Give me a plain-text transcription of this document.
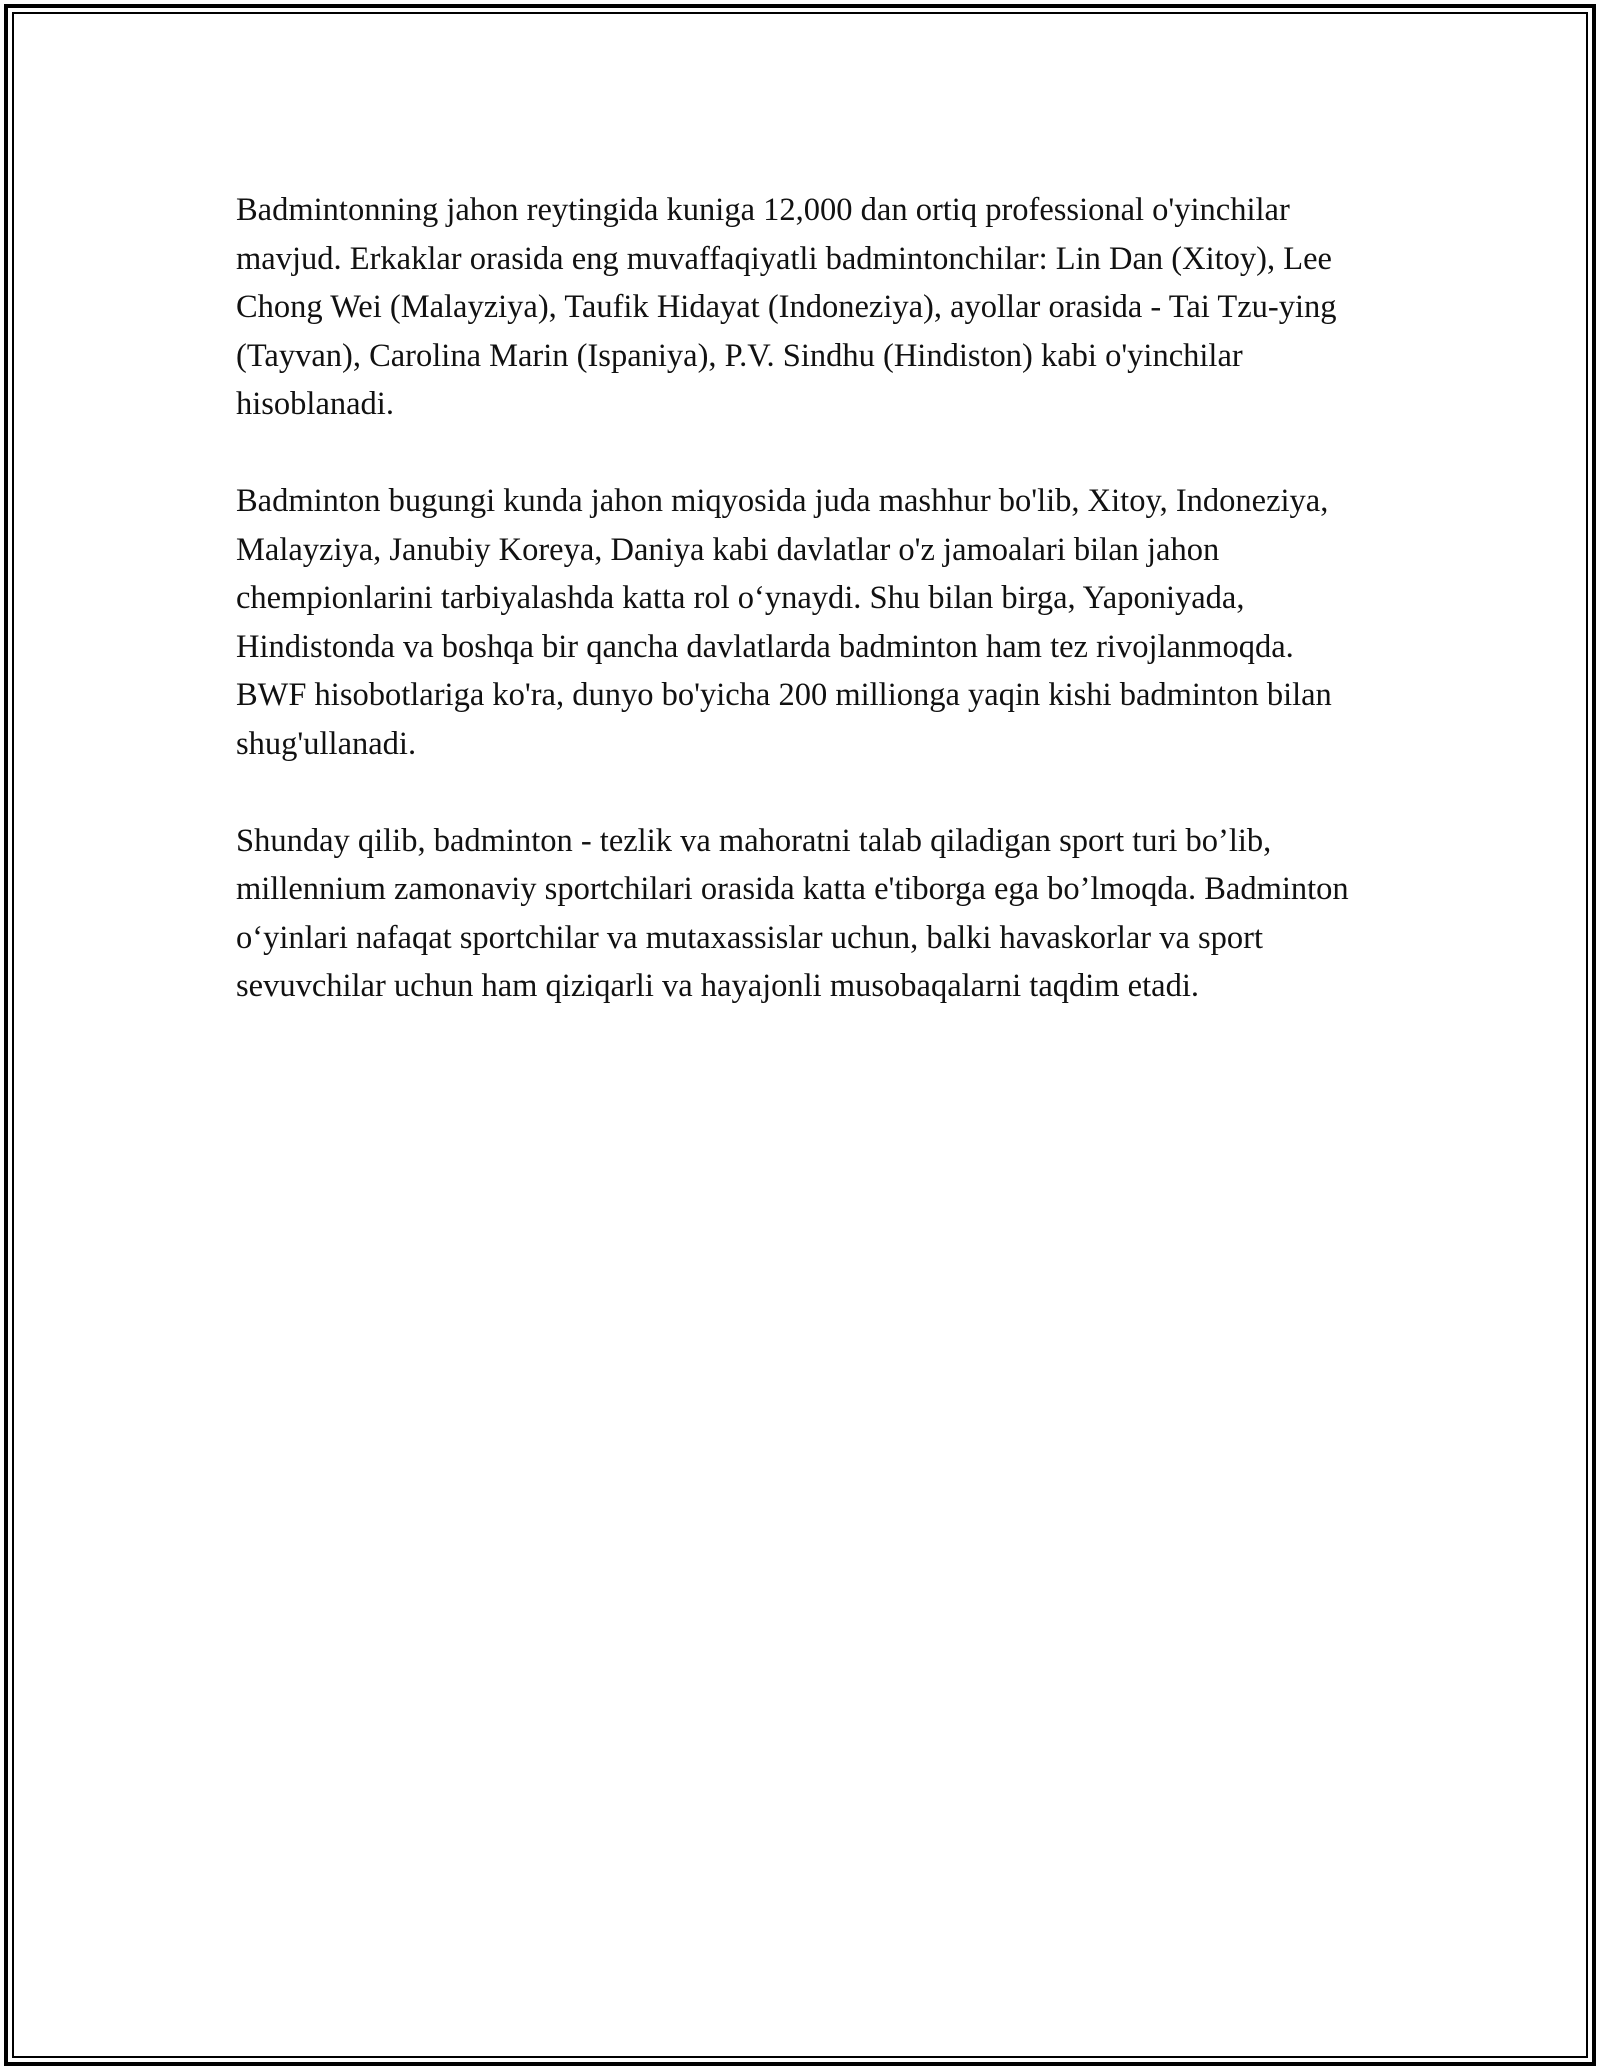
Badmintonning jahon reytingida kuniga 12,000 dan ortiq professional o'yinchilar mavjud. Erkaklar orasida eng muvaffaqiyatli badmintonchilar: Lin Dan (Xitoy), Lee Chong Wei (Malayziya), Taufik Hidayat (Indoneziya), ayollar orasida - Tai Tzu-ying (Tayvan), Carolina Marin (Ispaniya), P.V. Sindhu (Hindiston) kabi o'yinchilar hisoblanadi.

Badminton bugungi kunda jahon miqyosida juda mashhur bo'lib, Xitoy, Indoneziya, Malayziya, Janubiy Koreya, Daniya kabi davlatlar o'z jamoalari bilan jahon chempionlarini tarbiyalashda katta rol o‘ynaydi. Shu bilan birga, Yaponiyada, Hindistonda va boshqa bir qancha davlatlarda badminton ham tez rivojlanmoqda. BWF hisobotlariga ko'ra, dunyo bo'yicha 200 millionga yaqin kishi badminton bilan shug'ullanadi.

Shunday qilib, badminton - tezlik va mahoratni talab qiladigan sport turi bo’lib, millennium zamonaviy sportchilari orasida katta e'tiborga ega bo’lmoqda. Badminton o‘yinlari nafaqat sportchilar va mutaxassislar uchun, balki havaskorlar va sport sevuvchilar uchun ham qiziqarli va hayajonli musobaqalarni taqdim etadi.
